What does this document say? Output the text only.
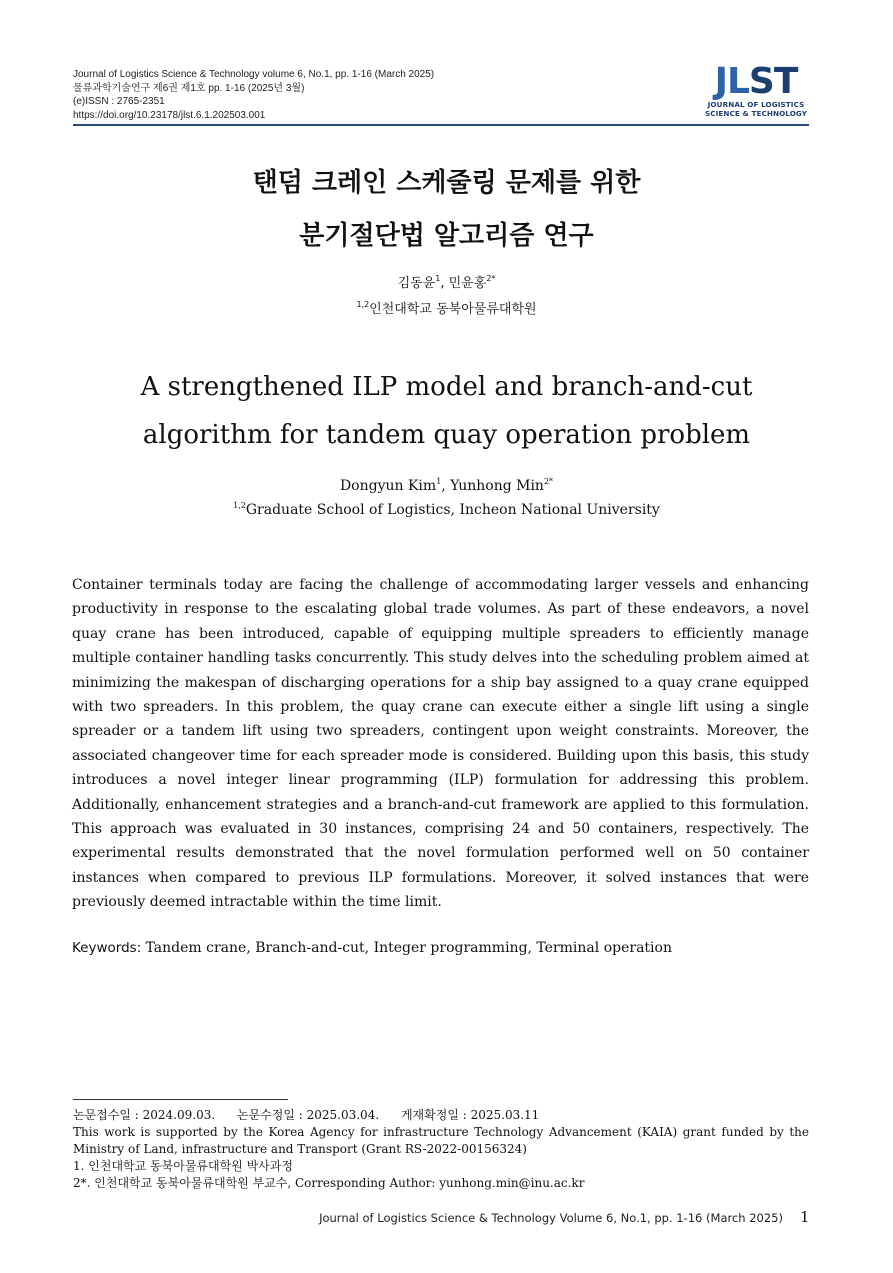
Journal of Logistics Science & Technology volume 6, No.1, pp. 1-16 (March 2025)
물류과학기술연구 제6권 제1호 pp. 1-16 (2025년 3월)
(e)ISSN : 2765-2351
https://doi.org/10.23178/jlst.6.1.202503.001
JLST
JOURNAL OF LOGISTICS
SCIENCE & TECHNOLOGY
탠덤 크레인 스케줄링 문제를 위한
분기절단법 알고리즘 연구
김동윤$^1$, 민윤홍$^{2*}$
$^{1,2}$인천대학교 동북아물류대학원
A strengthened ILP model and branch-and-cut
algorithm for tandem quay operation problem
Dongyun Kim$^1$, Yunhong Min$^{2*}$
$^{1,2}$Graduate School of Logistics, Incheon National University
Container terminals today are facing the challenge of accommodating larger vessels and enhancing productivity in response to the escalating global trade volumes. As part of these endeavors, a novel quay crane has been introduced, capable of equipping multiple spreaders to efficiently manage multiple container handling tasks concurrently. This study delves into the scheduling problem aimed at minimizing the makespan of discharging operations for a ship bay assigned to a quay crane equipped with two spreaders. In this problem, the quay crane can execute either a single lift using a single spreader or a tandem lift using two spreaders, contingent upon weight constraints. Moreover, the associated changeover time for each spreader mode is considered. Building upon this basis, this study introduces a novel integer linear programming (ILP) formulation for addressing this problem. Additionally, enhancement strategies and a branch-and-cut framework are applied to this formulation. This approach was evaluated in 30 instances, comprising 24 and 50 containers, respectively. The experimental results demonstrated that the novel formulation performed well on 50 container instances when compared to previous ILP formulations. Moreover, it solved instances that were previously deemed intractable within the time limit.
Keywords: Tandem crane, Branch-and-cut, Integer programming, Terminal operation

논문접수일 : 2024.09.03. 논문수정일 : 2025.03.04. 게재확정일 : 2025.03.11

This work is supported by the Korea Agency for infrastructure Technology Advancement (KAIA) grant funded by the Ministry of Land, infrastructure and Transport (Grant RS-2022-00156324)

1. 인천대학교 동북아물류대학원 박사과정

2*. 인천대학교 동북아물류대학원 부교수, Corresponding Author: yunhong.min@inu.ac.kr

Journal of Logistics Science & Technology Volume 6, No.1, pp. 1-16 (March 2025) 1
